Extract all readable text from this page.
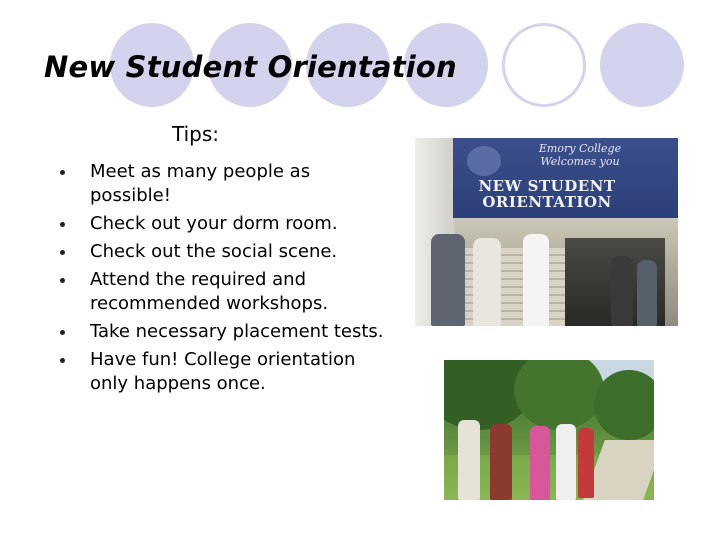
New Student Orientation
Tips:
Meet as many people as possible!
Check out your dorm room.
Check out the social scene.
Attend the required and recommended workshops.
Take necessary placement tests.
Have fun! College orientation only happens once.
Emory College Welcomes you
NEW STUDENT ORIENTATION
